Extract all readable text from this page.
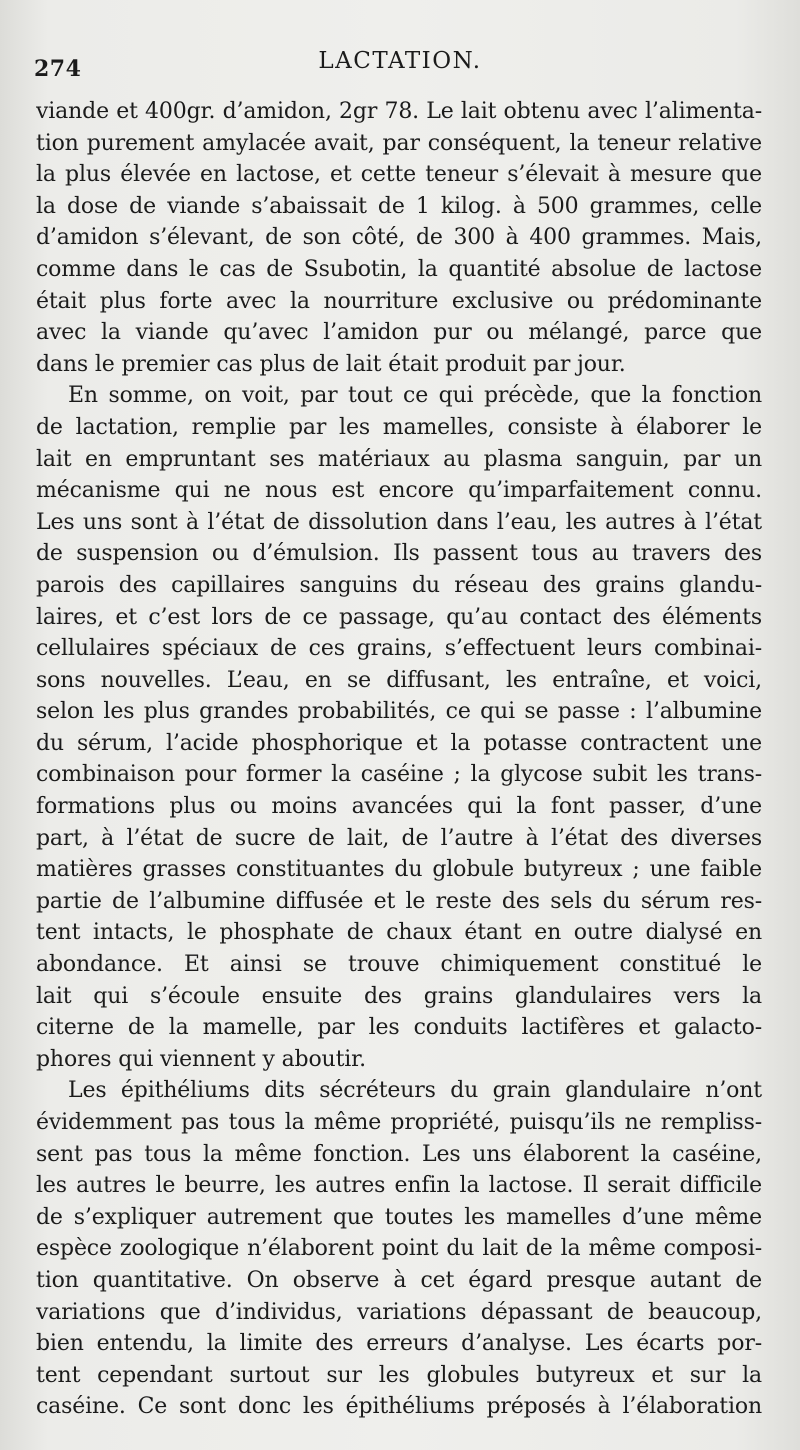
274	LACTATION.
viande et 400gr. d’amidon, 2gr 78. Le lait obtenu avec l’alimenta-
tion purement amylacée avait, par conséquent, la teneur relative
la plus élevée en lactose, et cette teneur s’élevait à mesure que
la dose de viande s’abaissait de 1 kilog. à 500 grammes, celle
d’amidon s’élevant, de son côté, de 300 à 400 grammes. Mais,
comme dans le cas de Ssubotin, la quantité absolue de lactose
était plus forte avec la nourriture exclusive ou prédominante
avec la viande qu’avec l’amidon pur ou mélangé, parce que
dans le premier cas plus de lait était produit par jour.
En somme, on voit, par tout ce qui précède, que la fonction
de lactation, remplie par les mamelles, consiste à élaborer le
lait en empruntant ses matériaux au plasma sanguin, par un
mécanisme qui ne nous est encore qu’imparfaitement connu.
Les uns sont à l’état de dissolution dans l’eau, les autres à l’état
de suspension ou d’émulsion. Ils passent tous au travers des
parois des capillaires sanguins du réseau des grains glandu-
laires, et c’est lors de ce passage, qu’au contact des éléments
cellulaires spéciaux de ces grains, s’effectuent leurs combinai-
sons nouvelles. L’eau, en se diffusant, les entraîne, et voici,
selon les plus grandes probabilités, ce qui se passe : l’albumine
du sérum, l’acide phosphorique et la potasse contractent une
combinaison pour former la caséine ; la glycose subit les trans-
formations plus ou moins avancées qui la font passer, d’une
part, à l’état de sucre de lait, de l’autre à l’état des diverses
matières grasses constituantes du globule butyreux ; une faible
partie de l’albumine diffusée et le reste des sels du sérum res-
tent intacts, le phosphate de chaux étant en outre dialysé en
abondance. Et ainsi se trouve chimiquement constitué le
lait qui s’écoule ensuite des grains glandulaires vers la
citerne de la mamelle, par les conduits lactifères et galacto-
phores qui viennent y aboutir.
Les épithéliums dits sécréteurs du grain glandulaire n’ont
évidemment pas tous la même propriété, puisqu’ils ne rempliss-
sent pas tous la même fonction. Les uns élaborent la caséine,
les autres le beurre, les autres enfin la lactose. Il serait difficile
de s’expliquer autrement que toutes les mamelles d’une même
espèce zoologique n’élaborent point du lait de la même composi-
tion quantitative. On observe à cet égard presque autant de
variations que d’individus, variations dépassant de beaucoup,
bien entendu, la limite des erreurs d’analyse. Les écarts por-
tent cependant surtout sur les globules butyreux et sur la
caséine. Ce sont donc les épithéliums préposés à l’élaboration
